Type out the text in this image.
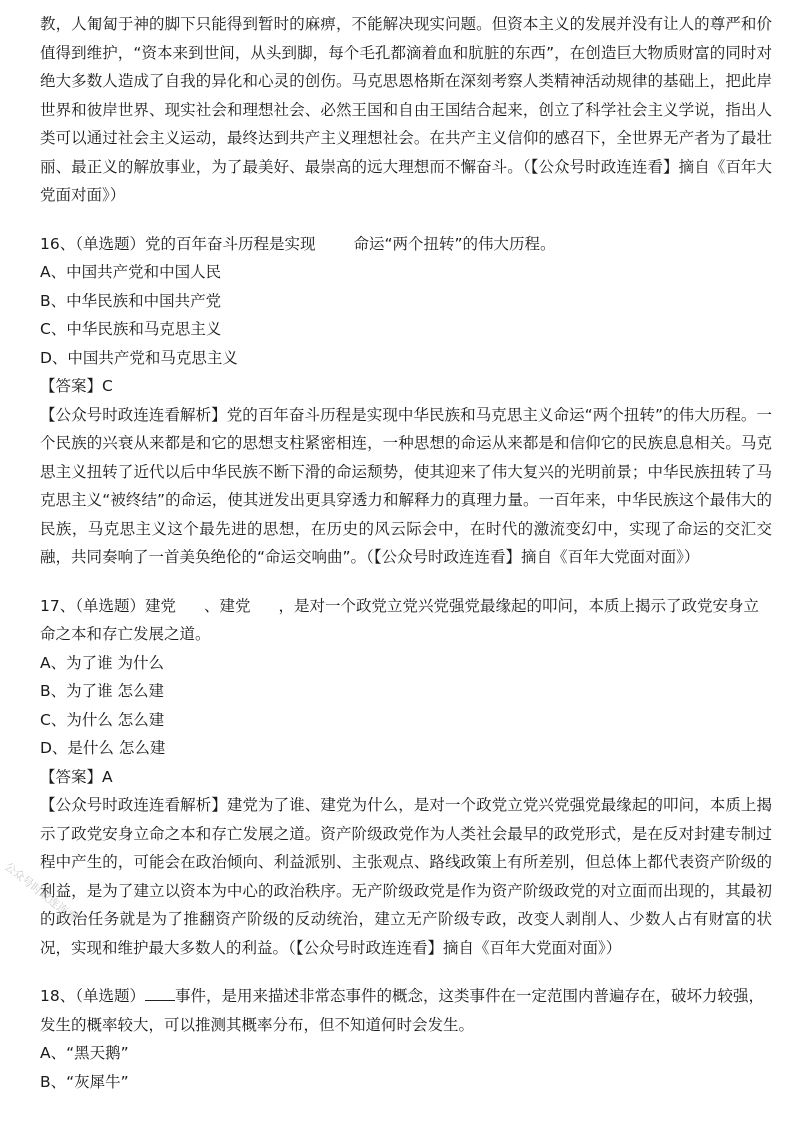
教，人匍匐于神的脚下只能得到暂时的麻痹，不能解决现实问题。但资本主义的发展并没有让人的尊严和价值得到维护，“资本来到世间，从头到脚，每个毛孔都滴着血和肮脏的东西”，在创造巨大物质财富的同时对绝大多数人造成了自我的异化和心灵的创伤。马克思恩格斯在深刻考察人类精神活动规律的基础上，把此岸世界和彼岸世界、现实社会和理想社会、必然王国和自由王国结合起来，创立了科学社会主义学说，指出人类可以通过社会主义运动，最终达到共产主义理想社会。在共产主义信仰的感召下，全世界无产者为了最壮丽、最正义的解放事业，为了最美好、最崇高的远大理想而不懈奋斗。（【公众号时政连连看】摘自《百年大党面对面》）

16、（单选题）党的百年奋斗历程是实现 命运“两个扭转”的伟大历程。

A、中国共产党和中国人民

B、中华民族和中国共产党

C、中华民族和马克思主义

D、中国共产党和马克思主义

【答案】C

【公众号时政连连看解析】党的百年奋斗历程是实现中华民族和马克思主义命运“两个扭转”的伟大历程。一个民族的兴衰从来都是和它的思想支柱紧密相连，一种思想的命运从来都是和信仰它的民族息息相关。马克思主义扭转了近代以后中华民族不断下滑的命运颓势，使其迎来了伟大复兴的光明前景；中华民族扭转了马克思主义“被终结”的命运，使其迸发出更具穿透力和解释力的真理力量。一百年来，中华民族这个最伟大的民族，马克思主义这个最先进的思想，在历史的风云际会中，在时代的激流变幻中，实现了命运的交汇交融，共同奏响了一首美奂绝伦的“命运交响曲”。（【公众号时政连连看】摘自《百年大党面对面》）

17、（单选题）建党 、建党 ，是对一个政党立党兴党强党最缘起的叩问，本质上揭示了政党安身立命之本和存亡发展之道。

A、为了谁 为什么

B、为了谁 怎么建

C、为什么 怎么建

D、是什么 怎么建

【答案】A

【公众号时政连连看解析】建党为了谁、建党为什么，是对一个政党立党兴党强党最缘起的叩问，本质上揭示了政党安身立命之本和存亡发展之道。资产阶级政党作为人类社会最早的政党形式，是在反对封建专制过程中产生的，可能会在政治倾向、利益派别、主张观点、路线政策上有所差别，但总体上都代表资产阶级的利益，是为了建立以资本为中心的政治秩序。无产阶级政党是作为资产阶级政党的对立面而出现的，其最初的政治任务就是为了推翻资产阶级的反动统治，建立无产阶级专政，改变人剥削人、少数人占有财富的状况，实现和维护最大多数人的利益。（【公众号时政连连看】摘自《百年大党面对面》）

18、（单选题） 事件，是用来描述非常态事件的概念，这类事件在一定范围内普遍存在，破坏力较强，发生的概率较大，可以推测其概率分布，但不知道何时会发生。

A、“黑天鹅”

B、“灰犀牛”

公众号时政连连看
